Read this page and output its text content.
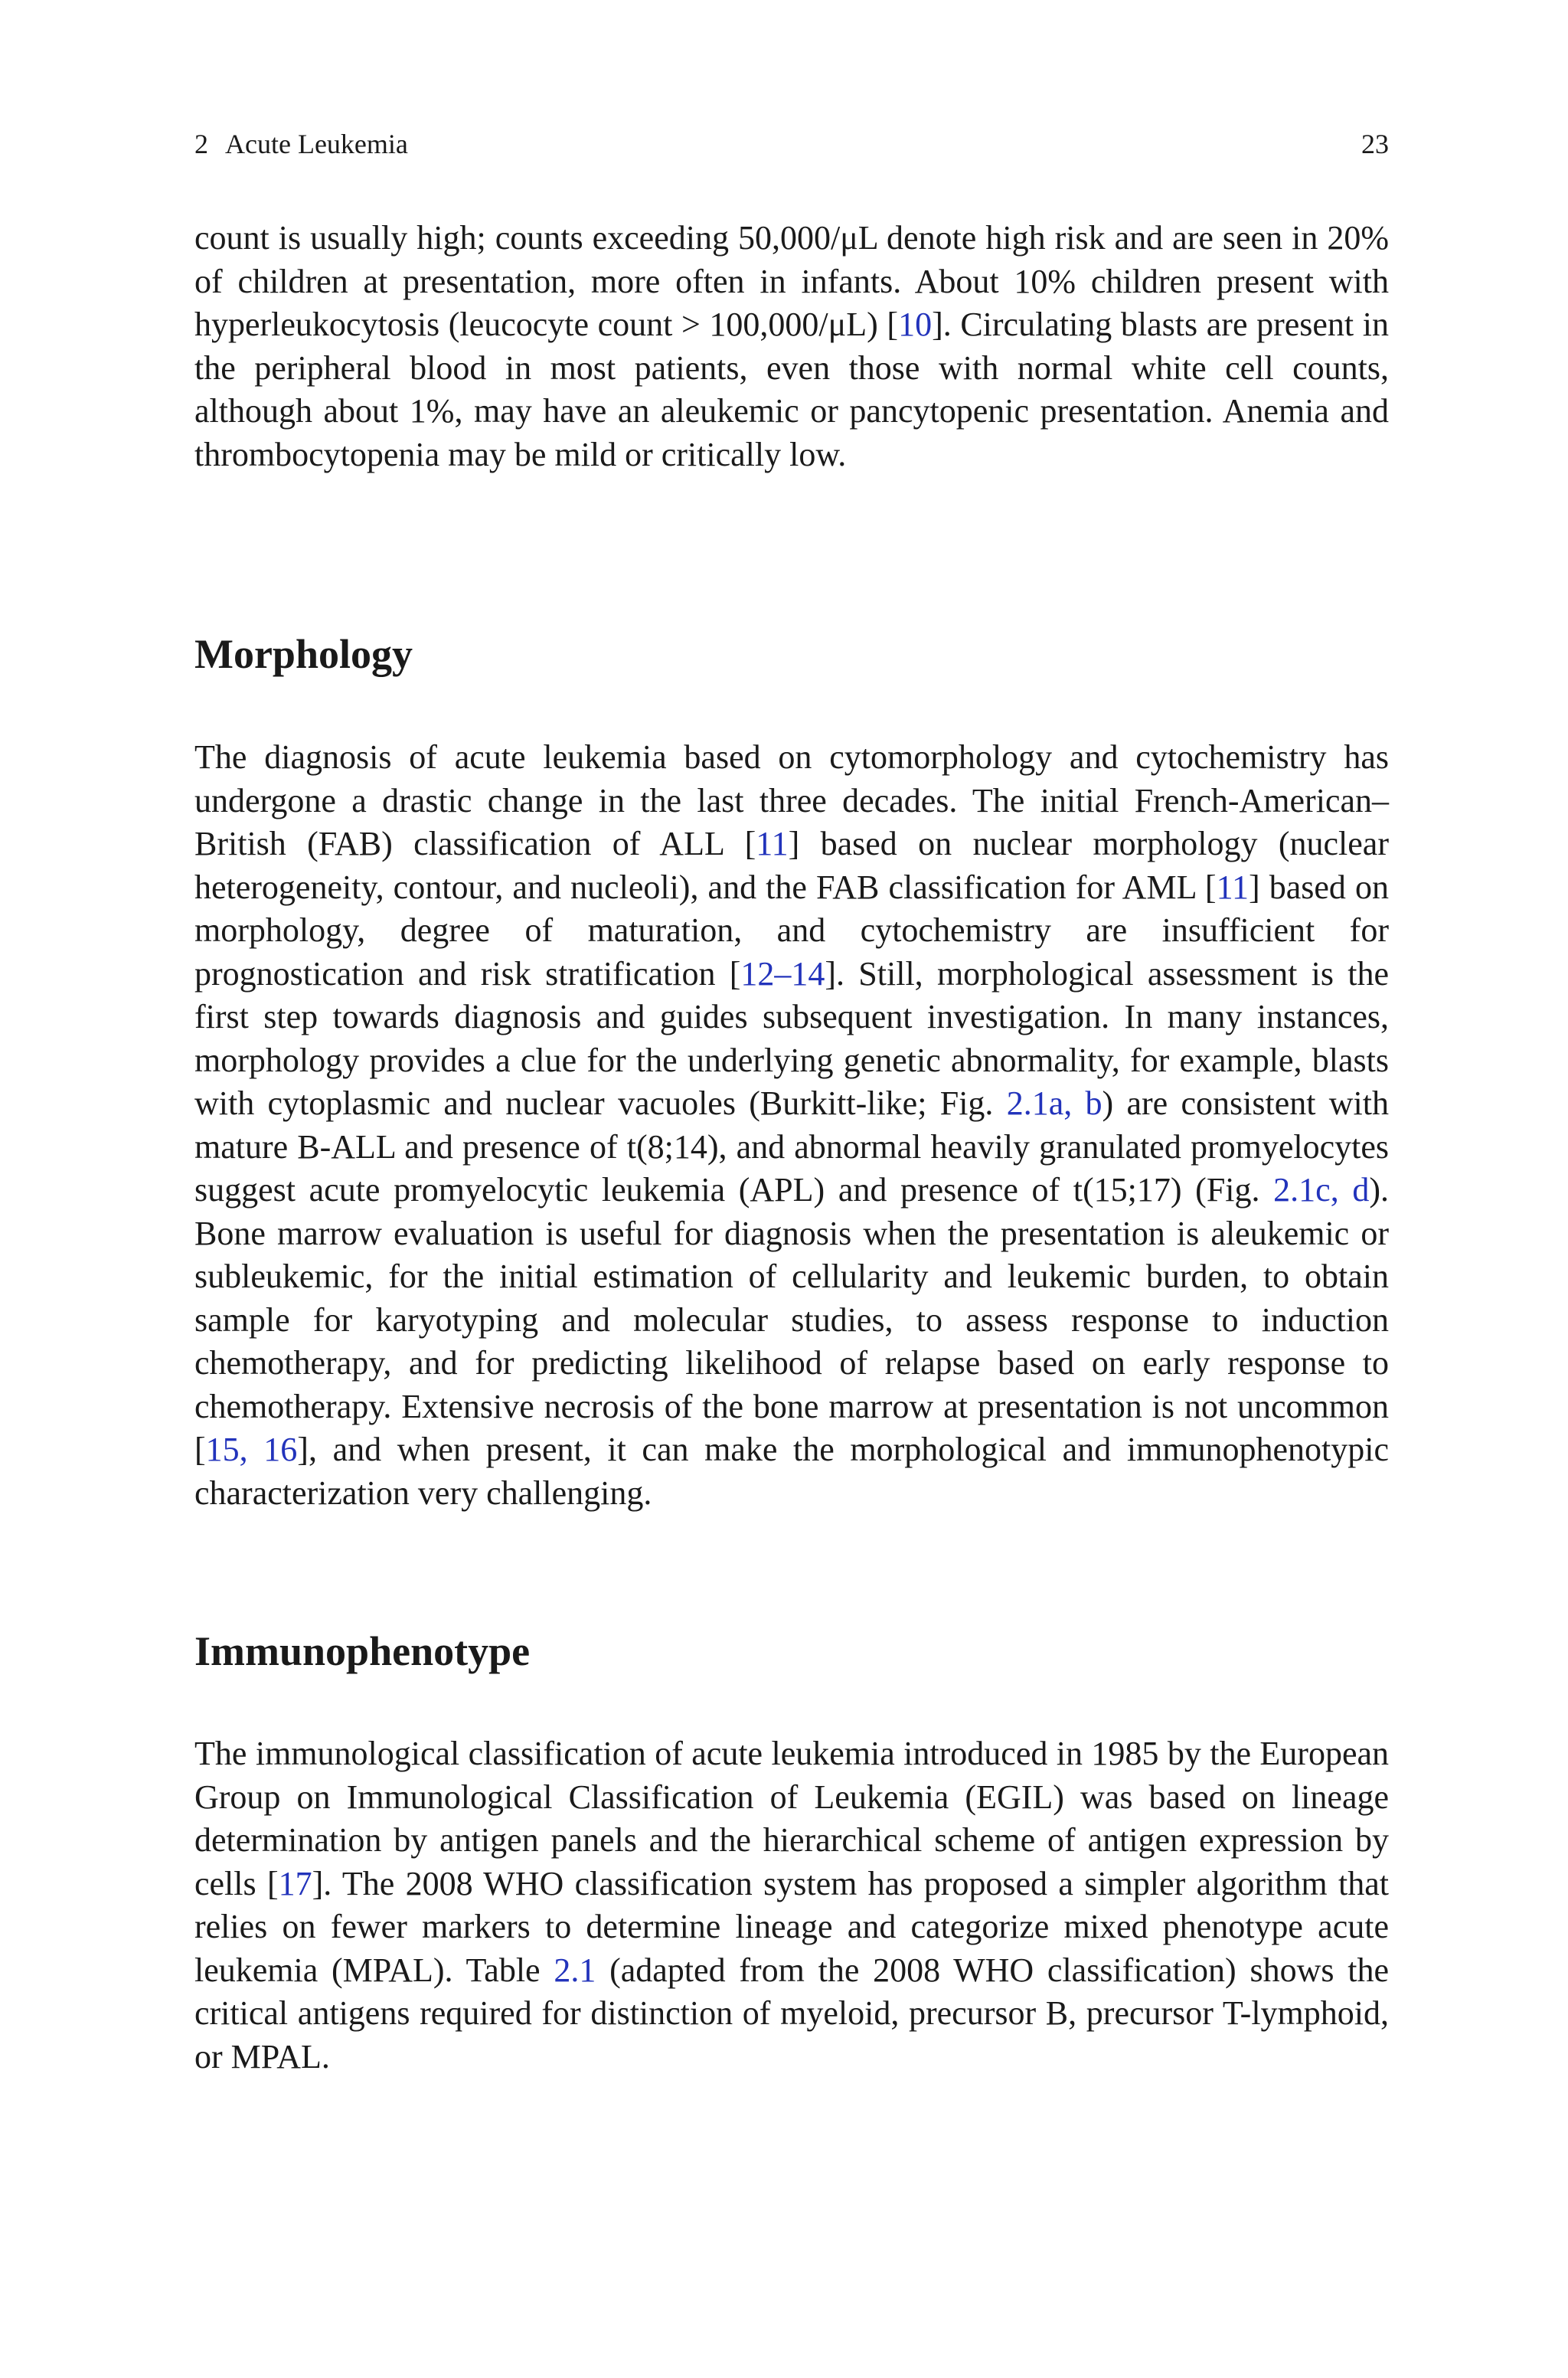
2 Acute Leukemia	23

count is usually high; counts exceeding 50,000/μL denote high risk and are seen in 20% of children at presentation, more often in infants. About 10% children present with hyperleukocytosis (leucocyte count > 100,000/μL) [10]. Circulating blasts are present in the peripheral blood in most patients, even those with normal white cell counts, although about 1%, may have an aleukemic or pancytopenic presentation. Anemia and thrombocytopenia may be mild or critically low.

Morphology

The diagnosis of acute leukemia based on cytomorphology and cytochemistry has undergone a drastic change in the last three decades. The initial French-American–British (FAB) classification of ALL [11] based on nuclear morphology (nuclear heterogeneity, contour, and nucleoli), and the FAB classification for AML [11] based on morphology, degree of maturation, and cytochemistry are insufficient for prognostication and risk stratification [12–14]. Still, morphological assessment is the first step towards diagnosis and guides subsequent investigation. In many instances, morphology provides a clue for the underlying genetic abnormality, for example, blasts with cytoplasmic and nuclear vacuoles (Burkitt-like; Fig. 2.1a, b) are consistent with mature B-ALL and presence of t(8;14), and abnormal heavily granulated promyelocytes suggest acute promyelocytic leukemia (APL) and presence of t(15;17) (Fig. 2.1c, d). Bone marrow evaluation is useful for diagnosis when the presentation is aleukemic or subleukemic, for the initial estimation of cellularity and leukemic burden, to obtain sample for karyotyping and molecular studies, to assess response to induction chemotherapy, and for predicting likelihood of relapse based on early response to chemotherapy. Extensive necrosis of the bone marrow at presentation is not uncommon [15, 16], and when present, it can make the morphological and immunophenotypic characterization very challenging.

Immunophenotype

The immunological classification of acute leukemia introduced in 1985 by the European Group on Immunological Classification of Leukemia (EGIL) was based on lineage determination by antigen panels and the hierarchical scheme of antigen expression by cells [17]. The 2008 WHO classification system has proposed a simpler algorithm that relies on fewer markers to determine lineage and categorize mixed phenotype acute leukemia (MPAL). Table 2.1 (adapted from the 2008 WHO classification) shows the critical antigens required for distinction of myeloid, precursor B, precursor T-lymphoid, or MPAL.
